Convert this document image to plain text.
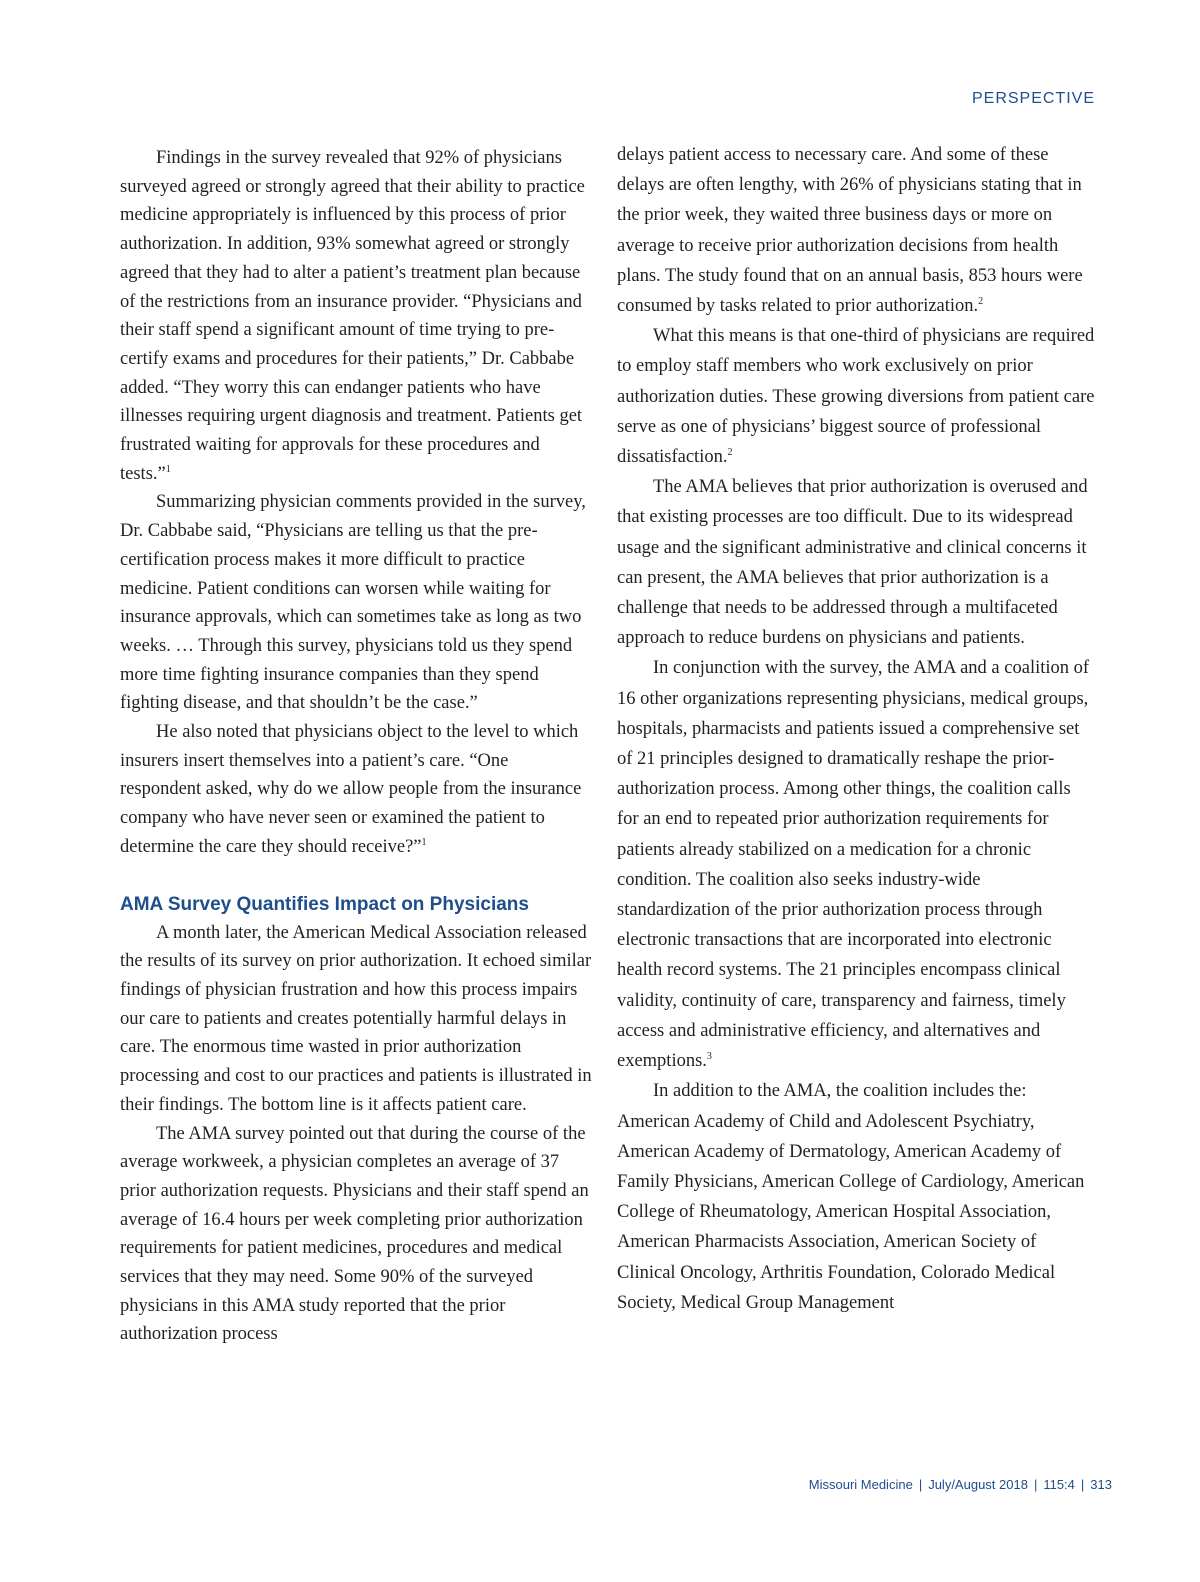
PERSPECTIVE

Findings in the survey revealed that 92% of physicians surveyed agreed or strongly agreed that their ability to practice medicine appropriately is influenced by this process of prior authorization. In addition, 93% somewhat agreed or strongly agreed that they had to alter a patient’s treatment plan because of the restrictions from an insurance provider. “Physicians and their staff spend a significant amount of time trying to pre-certify exams and procedures for their patients,” Dr. Cabbabe added. “They worry this can endanger patients who have illnesses requiring urgent diagnosis and treatment. Patients get frustrated waiting for approvals for these procedures and tests.”$^1$

Summarizing physician comments provided in the survey, Dr. Cabbabe said, “Physicians are telling us that the pre-certification process makes it more difficult to practice medicine. Patient conditions can worsen while waiting for insurance approvals, which can sometimes take as long as two weeks. … Through this survey, physicians told us they spend more time fighting insurance companies than they spend fighting disease, and that shouldn’t be the case.”

He also noted that physicians object to the level to which insurers insert themselves into a patient’s care. “One respondent asked, why do we allow people from the insurance company who have never seen or examined the patient to determine the care they should receive?”$^1$

AMA Survey Quantifies Impact on Physicians

A month later, the American Medical Association released the results of its survey on prior authorization. It echoed similar findings of physician frustration and how this process impairs our care to patients and creates potentially harmful delays in care. The enormous time wasted in prior authorization processing and cost to our practices and patients is illustrated in their findings. The bottom line is it affects patient care.

The AMA survey pointed out that during the course of the average workweek, a physician completes an average of 37 prior authorization requests. Physicians and their staff spend an average of 16.4 hours per week completing prior authorization requirements for patient medicines, procedures and medical services that they may need. Some 90% of the surveyed physicians in this AMA study reported that the prior authorization process

delays patient access to necessary care. And some of these delays are often lengthy, with 26% of physicians stating that in the prior week, they waited three business days or more on average to receive prior authorization decisions from health plans. The study found that on an annual basis, 853 hours were consumed by tasks related to prior authorization.$^2$

What this means is that one-third of physicians are required to employ staff members who work exclusively on prior authorization duties. These growing diversions from patient care serve as one of physicians’ biggest source of professional dissatisfaction.$^2$

The AMA believes that prior authorization is overused and that existing processes are too difficult. Due to its widespread usage and the significant administrative and clinical concerns it can present, the AMA believes that prior authorization is a challenge that needs to be addressed through a multifaceted approach to reduce burdens on physicians and patients.

In conjunction with the survey, the AMA and a coalition of 16 other organizations representing physicians, medical groups, hospitals, pharmacists and patients issued a comprehensive set of 21 principles designed to dramatically reshape the prior-authorization process. Among other things, the coalition calls for an end to repeated prior authorization requirements for patients already stabilized on a medication for a chronic condition. The coalition also seeks industry-wide standardization of the prior authorization process through electronic transactions that are incorporated into electronic health record systems. The 21 principles encompass clinical validity, continuity of care, transparency and fairness, timely access and administrative efficiency, and alternatives and exemptions.$^3$

In addition to the AMA, the coalition includes the: American Academy of Child and Adolescent Psychiatry, American Academy of Dermatology, American Academy of Family Physicians, American College of Cardiology, American College of Rheumatology, American Hospital Association, American Pharmacists Association, American Society of Clinical Oncology, Arthritis Foundation, Colorado Medical Society, Medical Group Management

Missouri Medicine | July/August 2018 | 115:4 | 313
